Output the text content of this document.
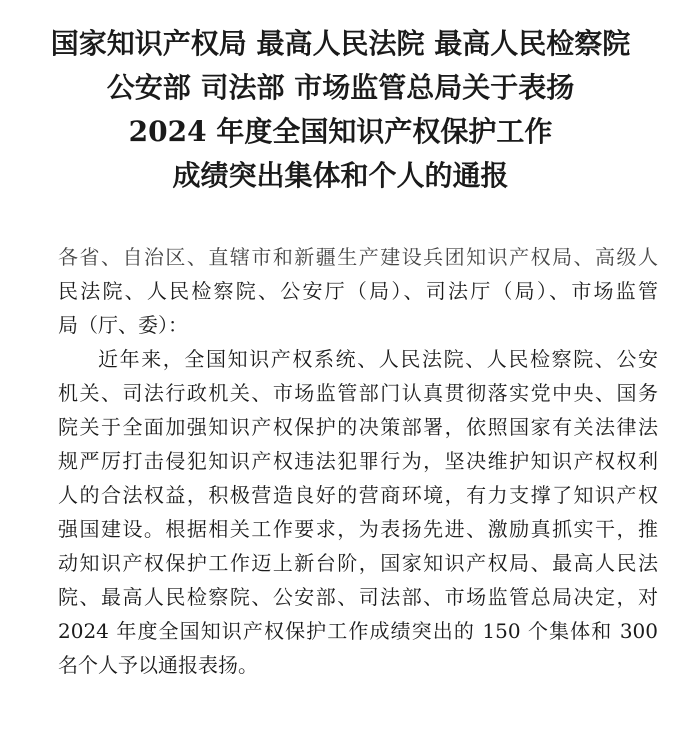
国家知识产权局 最高人民法院 最高人民检察院
公安部 司法部 市场监管总局关于表扬
2024 年度全国知识产权保护工作
成绩突出集体和个人的通报
各省、自治区、直辖市和新疆生产建设兵团知识产权局、高级人
民法院、人民检察院、公安厅（局）、司法厅（局）、市场监管
局（厅、委）：
近年来，全国知识产权系统、人民法院、人民检察院、公安
机关、司法行政机关、市场监管部门认真贯彻落实党中央、国务
院关于全面加强知识产权保护的决策部署，依照国家有关法律法
规严厉打击侵犯知识产权违法犯罪行为，坚决维护知识产权权利
人的合法权益，积极营造良好的营商环境，有力支撑了知识产权
强国建设。根据相关工作要求，为表扬先进、激励真抓实干，推
动知识产权保护工作迈上新台阶，国家知识产权局、最高人民法
院、最高人民检察院、公安部、司法部、市场监管总局决定，对
2024 年度全国知识产权保护工作成绩突出的 150 个集体和 300
名个人予以通报表扬。
